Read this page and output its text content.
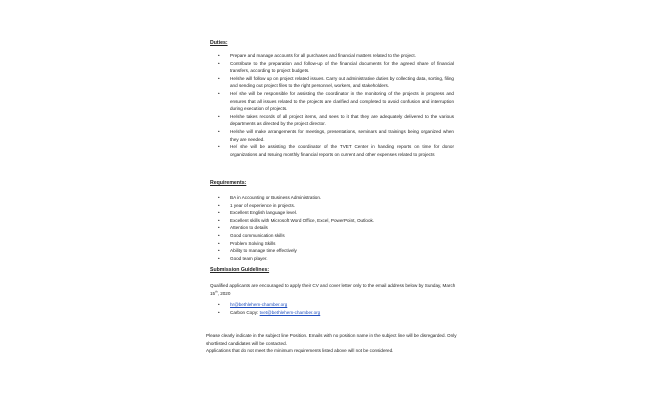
Duties:
• Prepare and manage accounts for all purchases and financial matters related to the project.
• Contribute to the preparation and follow-up of the financial documents for the agreed share of financial transfers, according to project budgets.
• He/she will follow up on project related issues. Carry out administrative duties by collecting data, sorting, filing and sending out project files to the right personnel, workers, and stakeholders.
• He/ she will be responsible for assisting the coordinator in the monitoring of the projects in progress and ensures that all issues related to the projects are clarified and completed to avoid confusion and interruption during execution of projects.
• He/she takes records of all project items, and sees to it that they are adequately delivered to the various departments as directed by the project director.
• He/she will make arrangements for meetings, presentations, seminars and trainings being organized when they are needed.
• He/ she will be assisting the coordinator of the TVET Center in handing reports on time for donor organizations and Issuing monthly financial reports on current and other expenses related to projects
Requirements:
• BA in Accounting or Business Administration.
• 1 year of experience in projects.
• Excellent English language level.
• Excellent skills with Microsoft Word Office, Excel, PowerPoint, Outlook.
• Attention to details
• Good communication skills
• Problem Solving Skills
• Ability to manage time effectively
• Good team player.
Submission Guidelines:
Qualified applicants are encouraged to apply their CV and cover letter only to the email address below by Sunday, March 15th, 2020
• hr@bethlehem-chamber.org
• Carbon Copy: tvet@bethlehem-chamber.org
Please clearly indicate in the subject line Position. Emails with no position name in the subject line will be disregarded. Only shortlisted candidates will be contacted.
Applications that do not meet the minimum requirements listed above will not be considered.
